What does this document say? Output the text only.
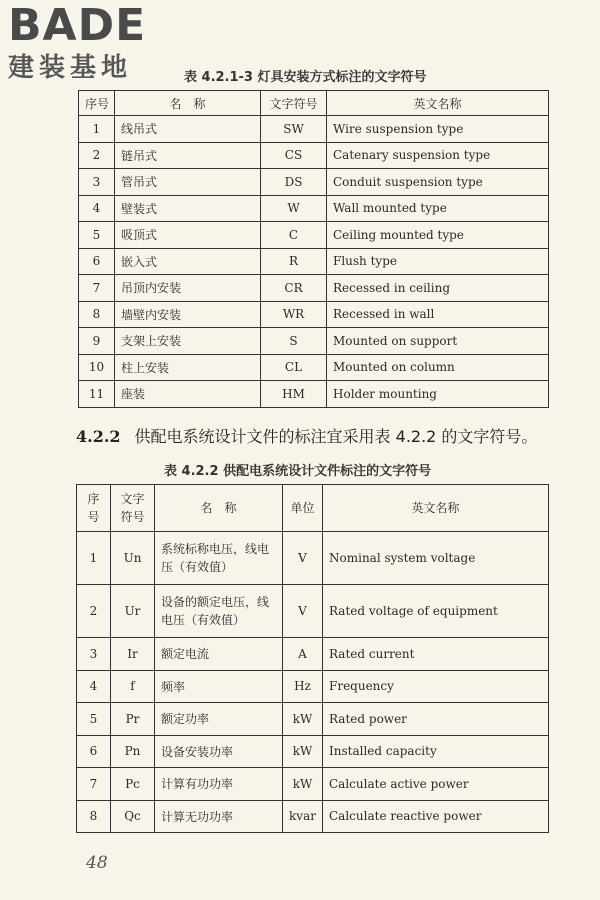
BADE
建装基地	表 4.2.1-3 灯具安装方式标注的文字符号
序号	名　称	文字符号	英文名称
1	线吊式	SW	Wire suspension type
2	链吊式	CS	Catenary suspension type
3	管吊式	DS	Conduit suspension type
4	壁装式	W	Wall mounted type
5	吸顶式	C	Ceiling mounted type
6	嵌入式	R	Flush type
7	吊顶内安装	CR	Recessed in ceiling
8	墙壁内安装	WR	Recessed in wall
9	支架上安装	S	Mounted on support
10	柱上安装	CL	Mounted on column
11	座装	HM	Holder mounting
4.2.2 供配电系统设计文件的标注宜采用表 4.2.2 的文字符号。
表 4.2.2 供配电系统设计文件标注的文字符号
序号	文字符号	名　称	单位	英文名称
1	Un	系统标称电压，线电压（有效值）	V	Nominal system voltage
2	Ur	设备的额定电压，线电压（有效值）	V	Rated voltage of equipment
3	Ir	额定电流	A	Rated current
4	f	频率	Hz	Frequency
5	Pr	额定功率	kW	Rated power
6	Pn	设备安装功率	kW	Installed capacity
7	Pc	计算有功功率	kW	Calculate active power
8	Qc	计算无功功率	kvar	Calculate reactive power
48
